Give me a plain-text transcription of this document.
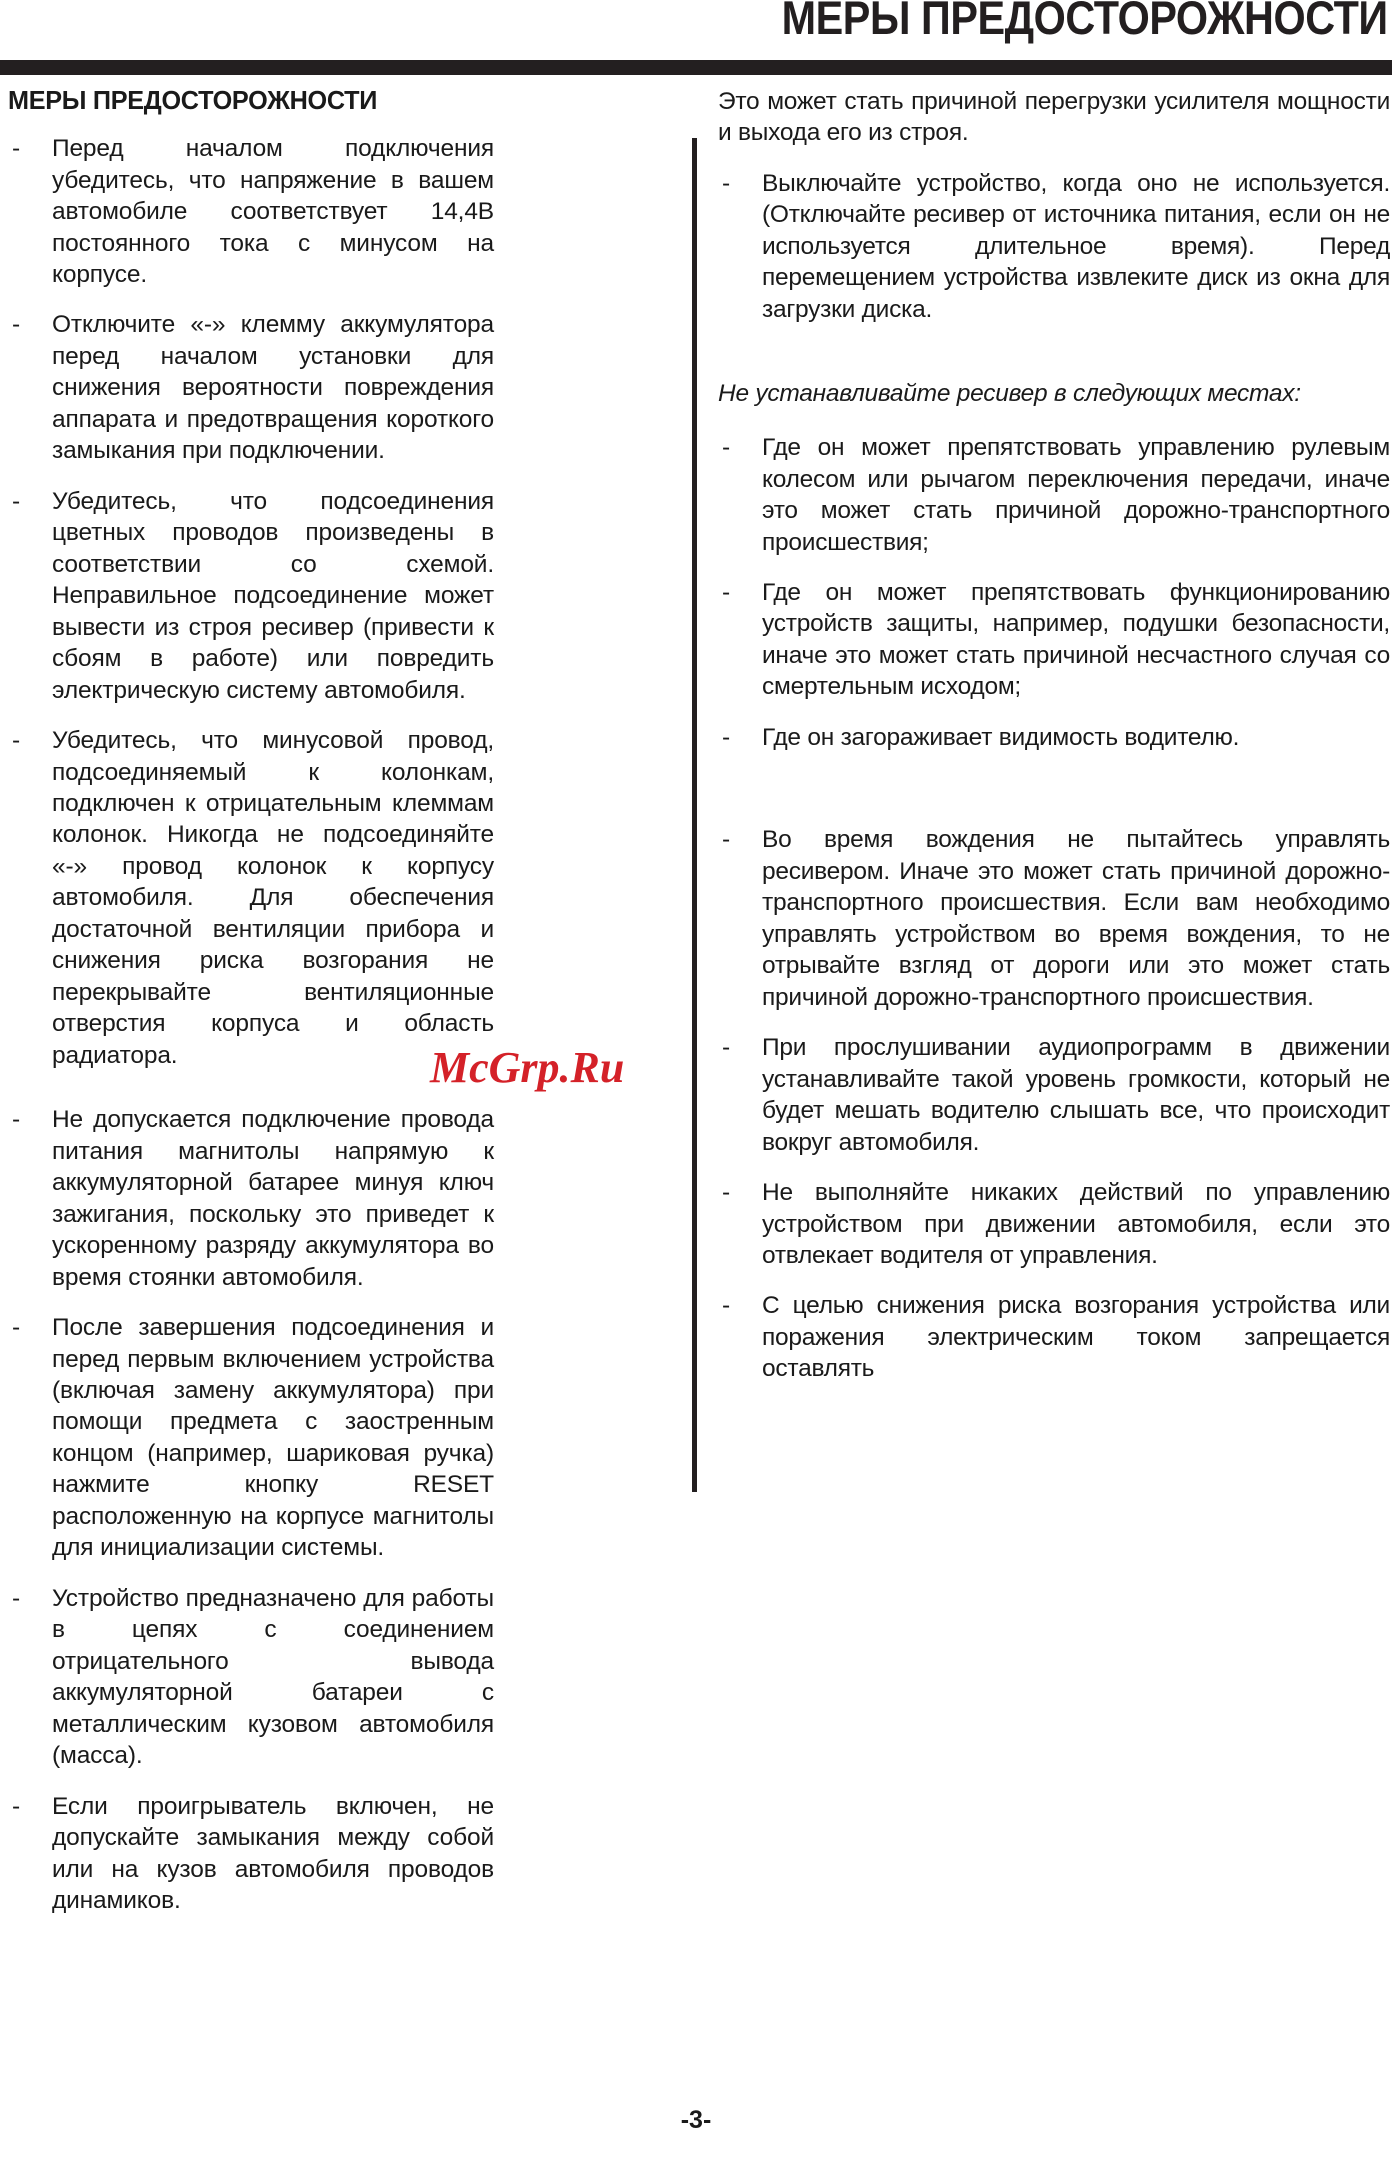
МЕРЫ ПРЕДОСТОРОЖНОСТИ
МЕРЫ ПРЕДОСТОРОЖНОСТИ
- Перед началом подключения убедитесь, что напряжение в вашем автомобиле соответствует 14,4В постоянного тока с минусом на корпусе.
- Отключите «-» клемму аккумулятора перед началом установки для снижения вероятности повреждения аппарата и предотвращения короткого замыкания при подключении.
- Убедитесь, что подсоединения цветных проводов произведены в соответствии со схемой. Неправильное подсоединение может вывести из строя ресивер (привести к сбоям в работе) или повредить электрическую систему автомобиля.
- Убедитесь, что минусовой провод, подсоединяемый к колонкам, подключен к отрицательным клеммам колонок. Никогда не подсоединяйте «-» провод колонок к корпусу автомобиля. Для обеспечения достаточной вентиляции прибора и снижения риска возгорания не перекрывайте вентиляционные отверстия корпуса и область радиатора.
- Не допускается подключение провода питания магнитолы напрямую к аккумуляторной батарее минуя ключ зажигания, поскольку это приведет к ускоренному разряду аккумулятора во время стоянки автомобиля.
- После завершения подсоединения и перед первым включением устройства (включая замену аккумулятора) при помощи предмета с заостренным концом (например, шариковая ручка) нажмите кнопку RESET расположенную на корпусе магнитолы для инициализации системы.
- Устройство предназначено для работы в цепях с соединением отрицательного вывода аккумуляторной батареи с металлическим кузовом автомобиля (масса).
- Если проигрыватель включен, не допускайте замыкания между собой или на кузов автомобиля проводов динамиков.
Это может стать причиной перегрузки усилителя мощности и выхода его из строя.
- Выключайте устройство, когда оно не используется. (Отключайте ресивер от источника питания, если он не используется длительное время). Перед перемещением устройства извлеките диск из окна для загрузки диска.
Не устанавливайте ресивер в следующих местах:
- Где он может препятствовать управлению рулевым колесом или рычагом переключения передачи, иначе это может стать причиной дорожно-транспортного происшествия;
- Где он может препятствовать функционированию устройств защиты, например, подушки безопасности, иначе это может стать причиной несчастного случая со смертельным исходом;
- Где он загораживает видимость водителю.
- Во время вождения не пытайтесь управлять ресивером. Иначе это может стать причиной дорожно-транспортного происшествия. Если вам необходимо управлять устройством во время вождения, то не отрывайте взгляд от дороги или это может стать причиной дорожно-транспортного происшествия.
- При прослушивании аудиопрограмм в движении устанавливайте такой уровень громкости, который не будет мешать водителю слышать все, что происходит вокруг автомобиля.
- Не выполняйте никаких действий по управлению устройством при движении автомобиля, если это отвлекает водителя от управления.
- С целью снижения риска возгорания устройства или поражения электрическим током запрещается оставлять
McGrp.Ru
-3-
